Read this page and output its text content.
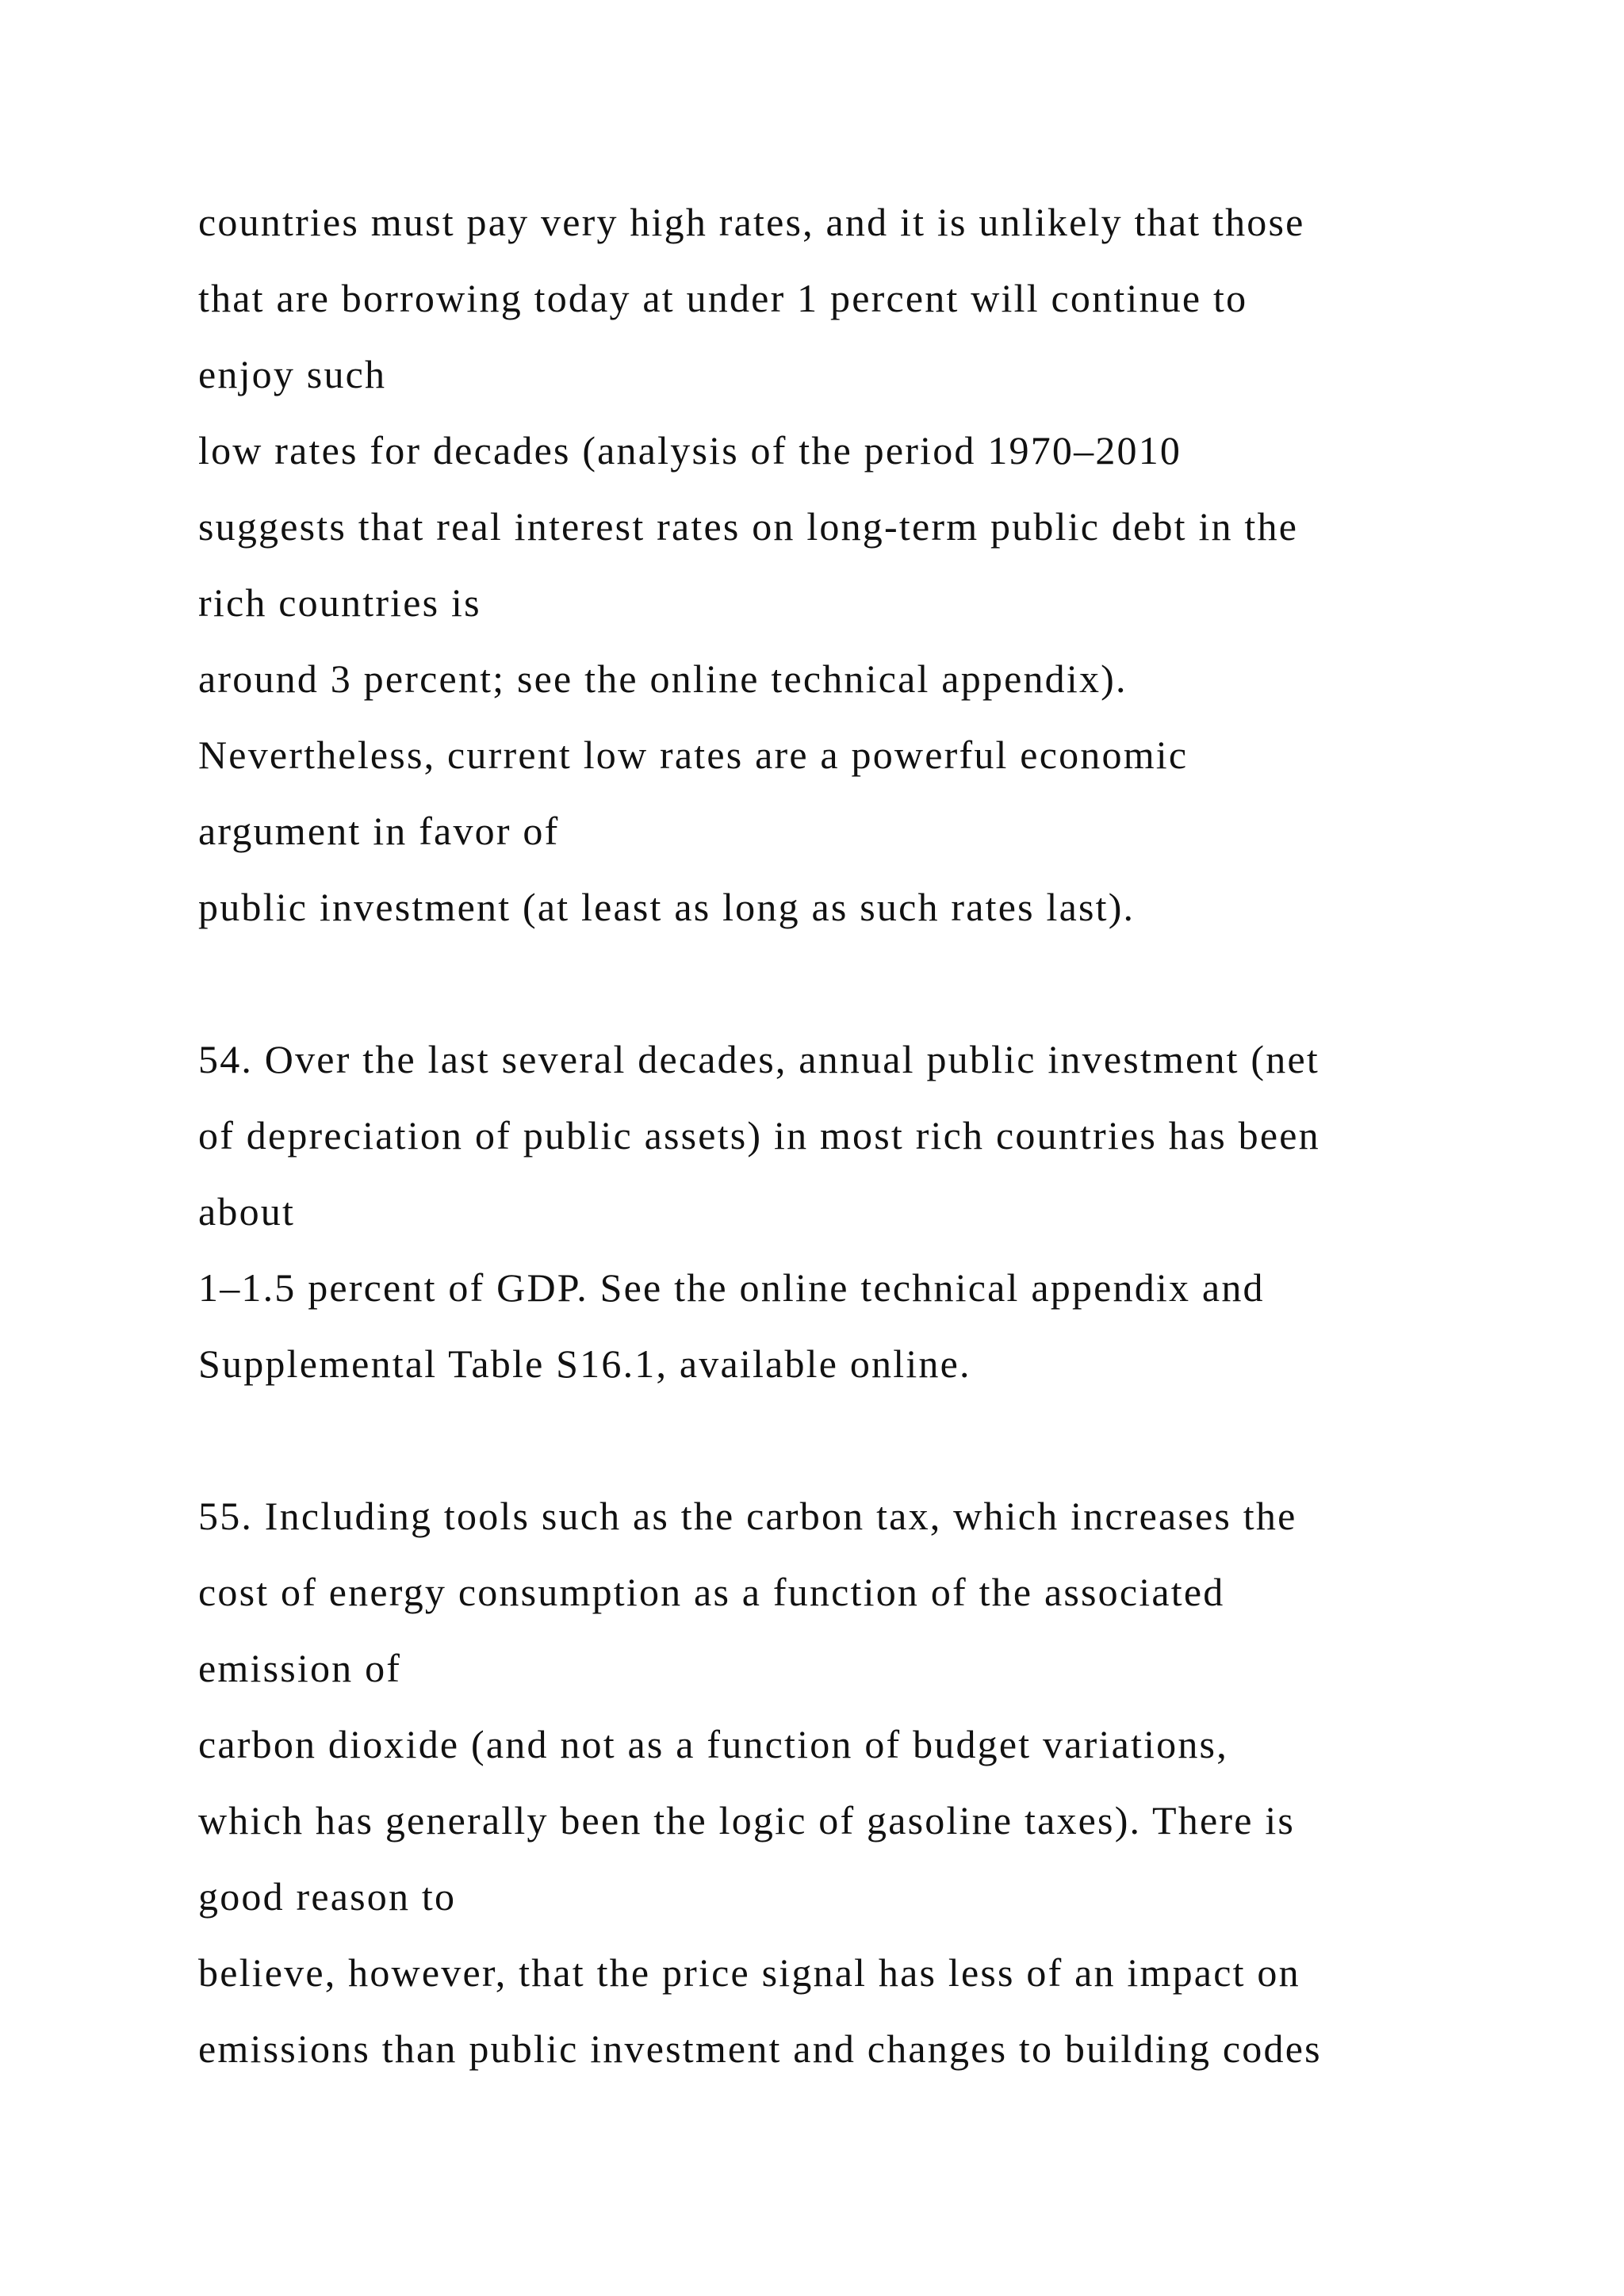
countries must pay very high rates, and it is unlikely that those
that are borrowing today at under 1 percent will continue to
enjoy such
low rates for decades (analysis of the period 1970–2010
suggests that real interest rates on long-term public debt in the
rich countries is
around 3 percent; see the online technical appendix).
Nevertheless, current low rates are a powerful economic
argument in favor of
public investment (at least as long as such rates last).
54. Over the last several decades, annual public investment (net
of depreciation of public assets) in most rich countries has been
about
1–1.5 percent of GDP. See the online technical appendix and
Supplemental Table S16.1, available online.
55. Including tools such as the carbon tax, which increases the
cost of energy consumption as a function of the associated
emission of
carbon dioxide (and not as a function of budget variations,
which has generally been the logic of gasoline taxes). There is
good reason to
believe, however, that the price signal has less of an impact on
emissions than public investment and changes to building codes
